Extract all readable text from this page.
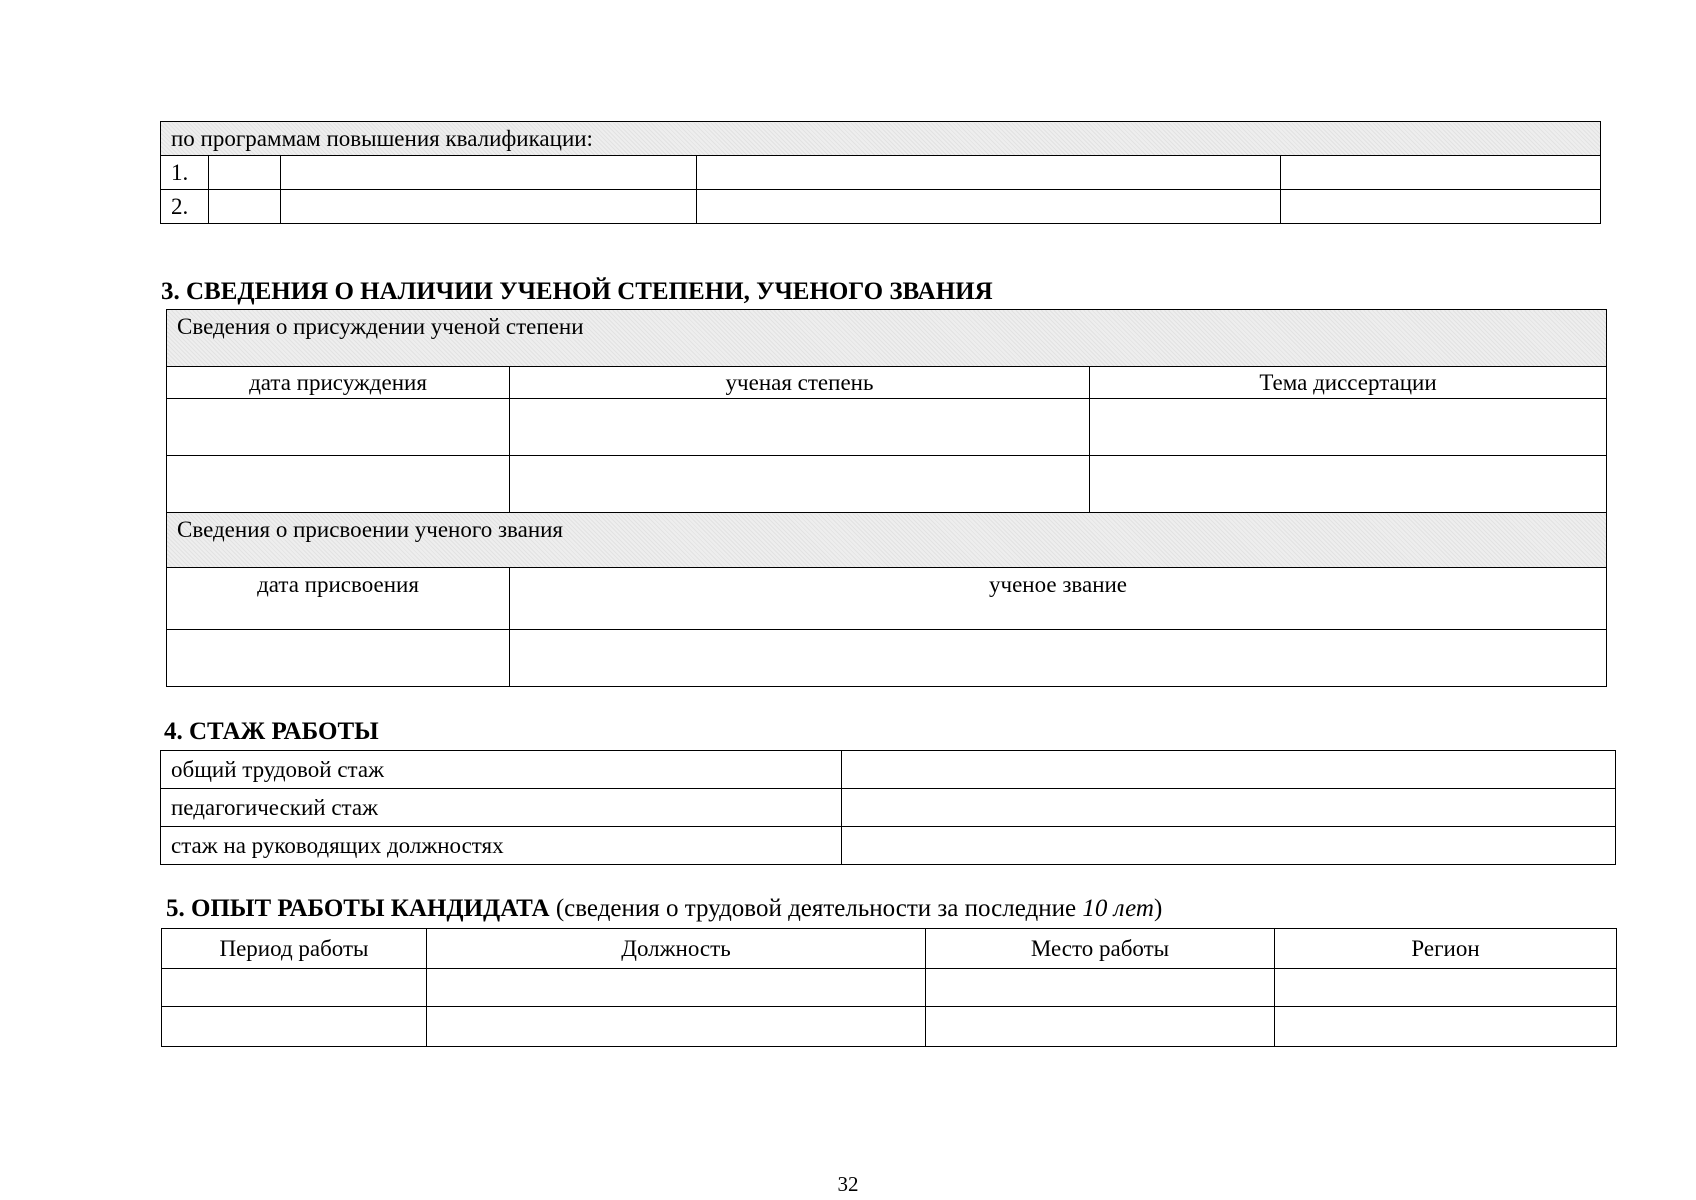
по программам повышения квалификации:				
1.				
2.				
3. СВЕДЕНИЯ О НАЛИЧИИ УЧЕНОЙ СТЕПЕНИ, УЧЕНОГО ЗВАНИЯ
Сведения о присуждении ученой степени		
дата присуждения	ученая степень	Тема диссертации

Сведения о присвоении ученого звания		
дата присвоения	ученое звание	

4. СТАЖ РАБОТЫ
общий трудовой стаж	
педагогический стаж	
стаж на руководящих должностях	
5. ОПЫТ РАБОТЫ КАНДИДАТА (сведения о трудовой деятельности за последние 10 лет)
Период работы	Должность	Место работы	Регион

32
